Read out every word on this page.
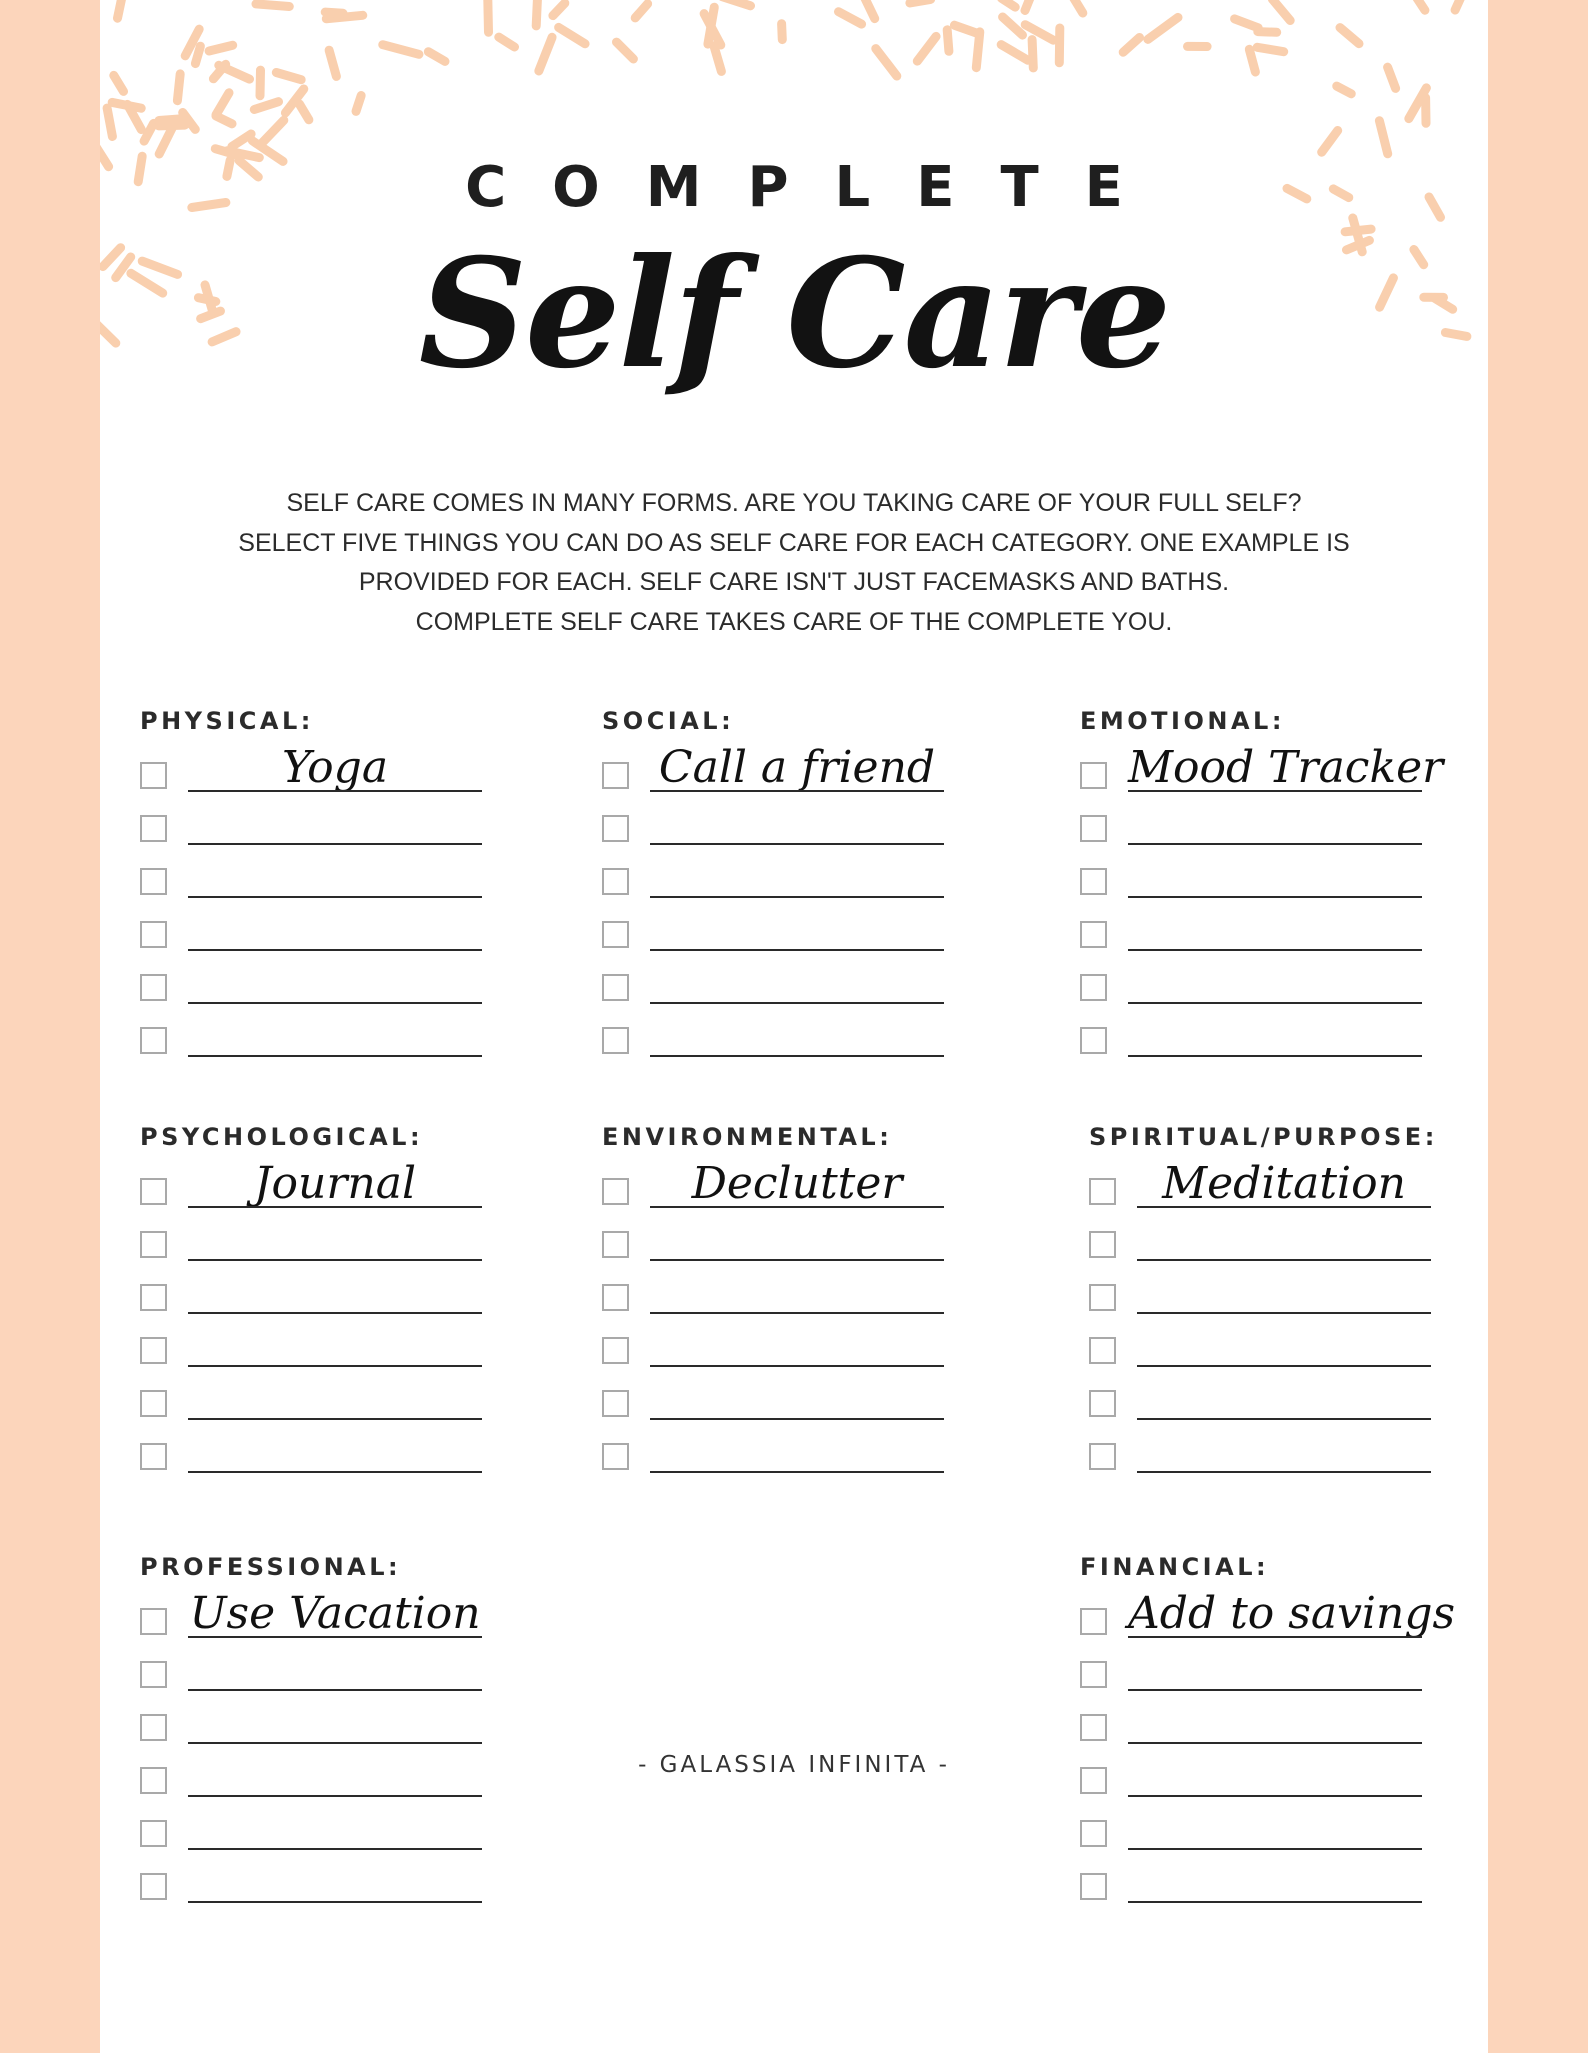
COMPLETE
Self Care
SELF CARE COMES IN MANY FORMS. ARE YOU TAKING CARE OF YOUR FULL SELF?
SELECT FIVE THINGS YOU CAN DO AS SELF CARE FOR EACH CATEGORY. ONE EXAMPLE IS
PROVIDED FOR EACH. SELF CARE ISN'T JUST FACEMASKS AND BATHS.
COMPLETE SELF CARE TAKES CARE OF THE COMPLETE YOU.
PHYSICAL:
Yoga
SOCIAL:
Call a friend
EMOTIONAL:
Mood Tracker
PSYCHOLOGICAL:
Journal
ENVIRONMENTAL:
Declutter
SPIRITUAL/PURPOSE:
Meditation
PROFESSIONAL:
Use Vacation
FINANCIAL:
Add to savings
- GALASSIA INFINITA -
